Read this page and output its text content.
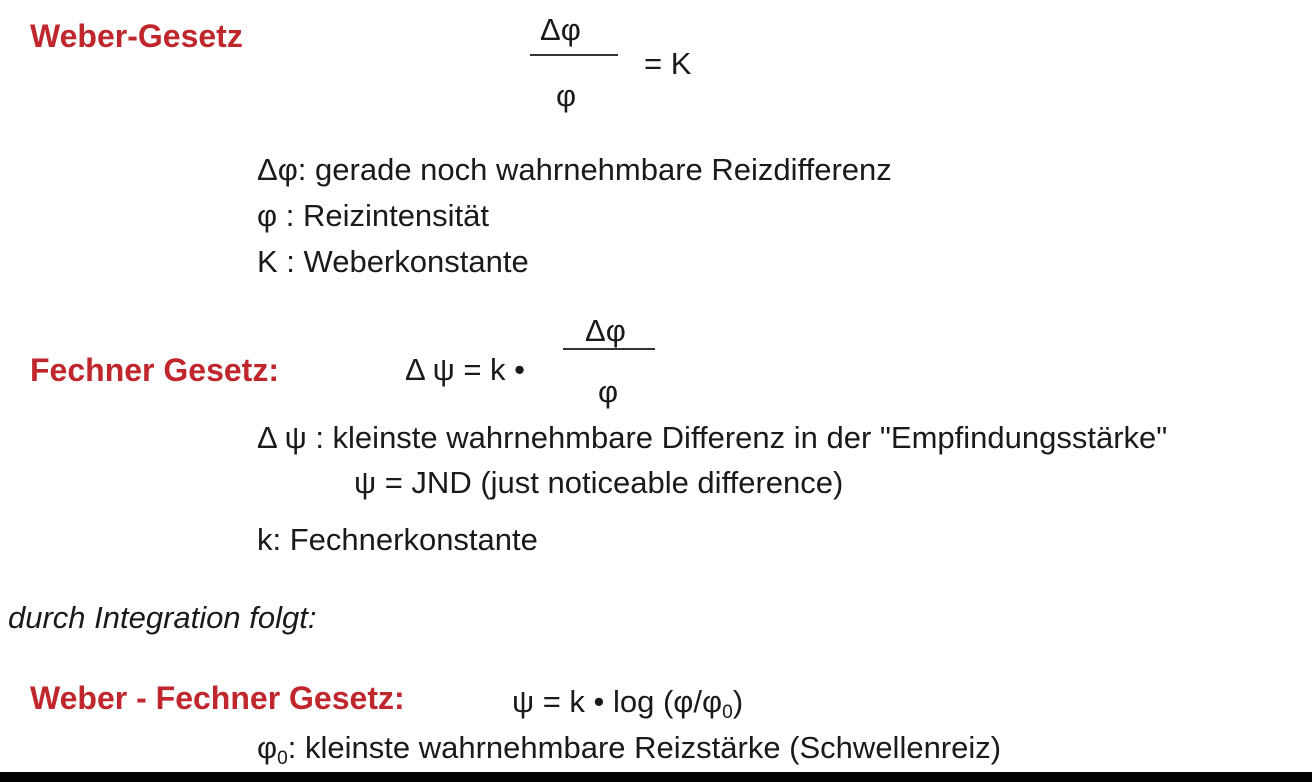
Weber-Gesetz	Δφ
φ
= K
Δφ: gerade noch wahrnehmbare Reizdifferenz
φ : Reizintensität
K : Weberkonstante
Fechner Gesetz:	Δ ψ = k •
Δφ
φ
Δ ψ : kleinste wahrnehmbare Differenz in der "Empfindungsstärke"
ψ = JND (just noticeable difference)
k: Fechnerkonstante
durch Integration folgt:
Weber - Fechner Gesetz:	ψ = k • $\log (\varphi/\varphi_0)$
$\varphi_0$: kleinste wahrnehmbare Reizstärke (Schwellenreiz)
